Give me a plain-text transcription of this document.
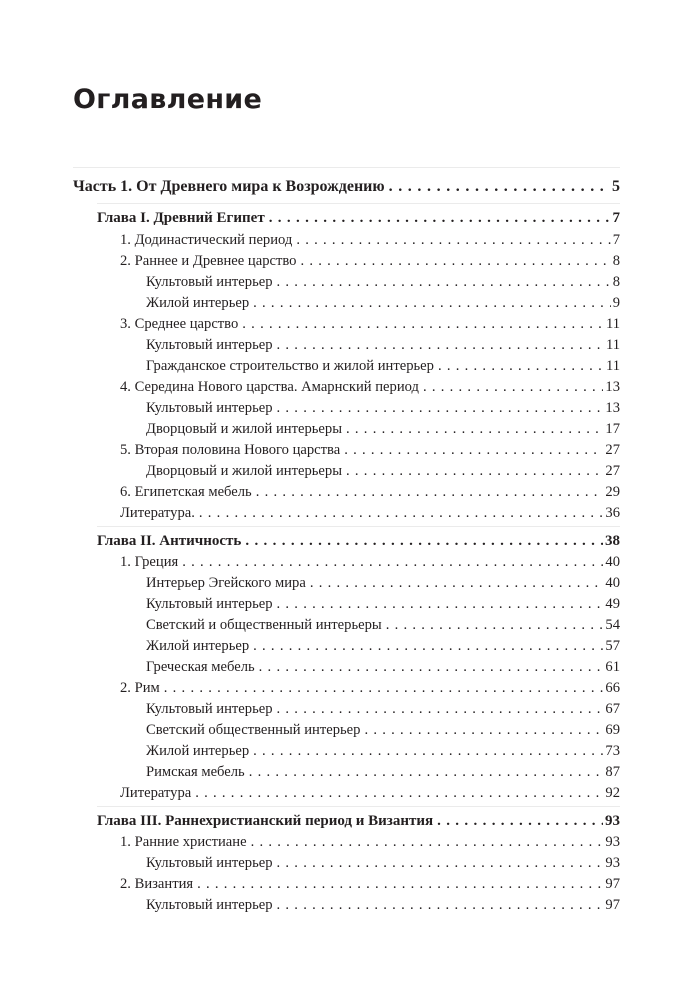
Оглавление
Часть 1. От Древнего мира к Возрождению . . .	5
Глава I. Древний Египет . . .	7
1. Додинастический период . . .	7
2. Раннее и Древнее царство . . .	8
Культовый интерьер . . .	8
Жилой интерьер . . .	9
3. Среднее царство . . .	11
Культовый интерьер . . .	11
Гражданское строительство и жилой интерьер . . .	11
4. Середина Нового царства. Амарнский период . . .	13
Культовый интерьер . . .	13
Дворцовый и жилой интерьеры . . .	17
5. Вторая половина Нового царства . . .	27
Дворцовый и жилой интерьеры . . .	27
6. Египетская мебель . . .	29
Литература. . . .	36
Глава II. Античность . . .	38
1. Греция . . .	40
Интерьер Эгейского мира . . .	40
Культовый интерьер . . .	49
Светский и общественный интерьеры . . .	54
Жилой интерьер . . .	57
Греческая мебель . . .	61
2. Рим . . .	66
Культовый интерьер . . .	67
Светский общественный интерьер . . .	69
Жилой интерьер . . .	73
Римская мебель . . .	87
Литература . . .	92
Глава III. Раннехристианский период и Византия . . .	93
1. Ранние христиане . . .	93
Культовый интерьер . . .	93
2. Византия . . .	97
Культовый интерьер . . .	97
